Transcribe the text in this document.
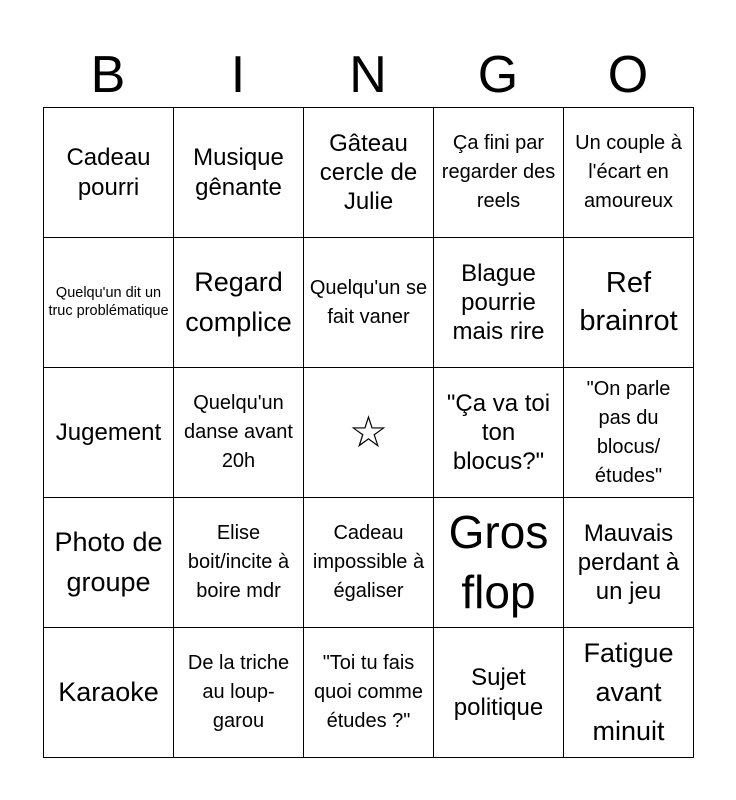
B	I	N	G	O
Cadeau pourri	Musique gênante	Gâteau cercle de Julie	Ça fini par regarder des reels	Un couple à l'écart en amoureux
Quelqu'un dit un truc problématique	Regard complice	Quelqu'un se fait vaner	Blague pourrie mais rire	Ref brainrot
Jugement	Quelqu'un danse avant 20h	☆	"Ça va toi ton blocus?"	"On parle pas du blocus/ études"
Photo de groupe	Elise boit/incite à boire mdr	Cadeau impossible à égaliser	Gros flop	Mauvais perdant à un jeu
Karaoke	De la triche au loup-garou	"Toi tu fais quoi comme études ?"	Sujet politique	Fatigue avant minuit
